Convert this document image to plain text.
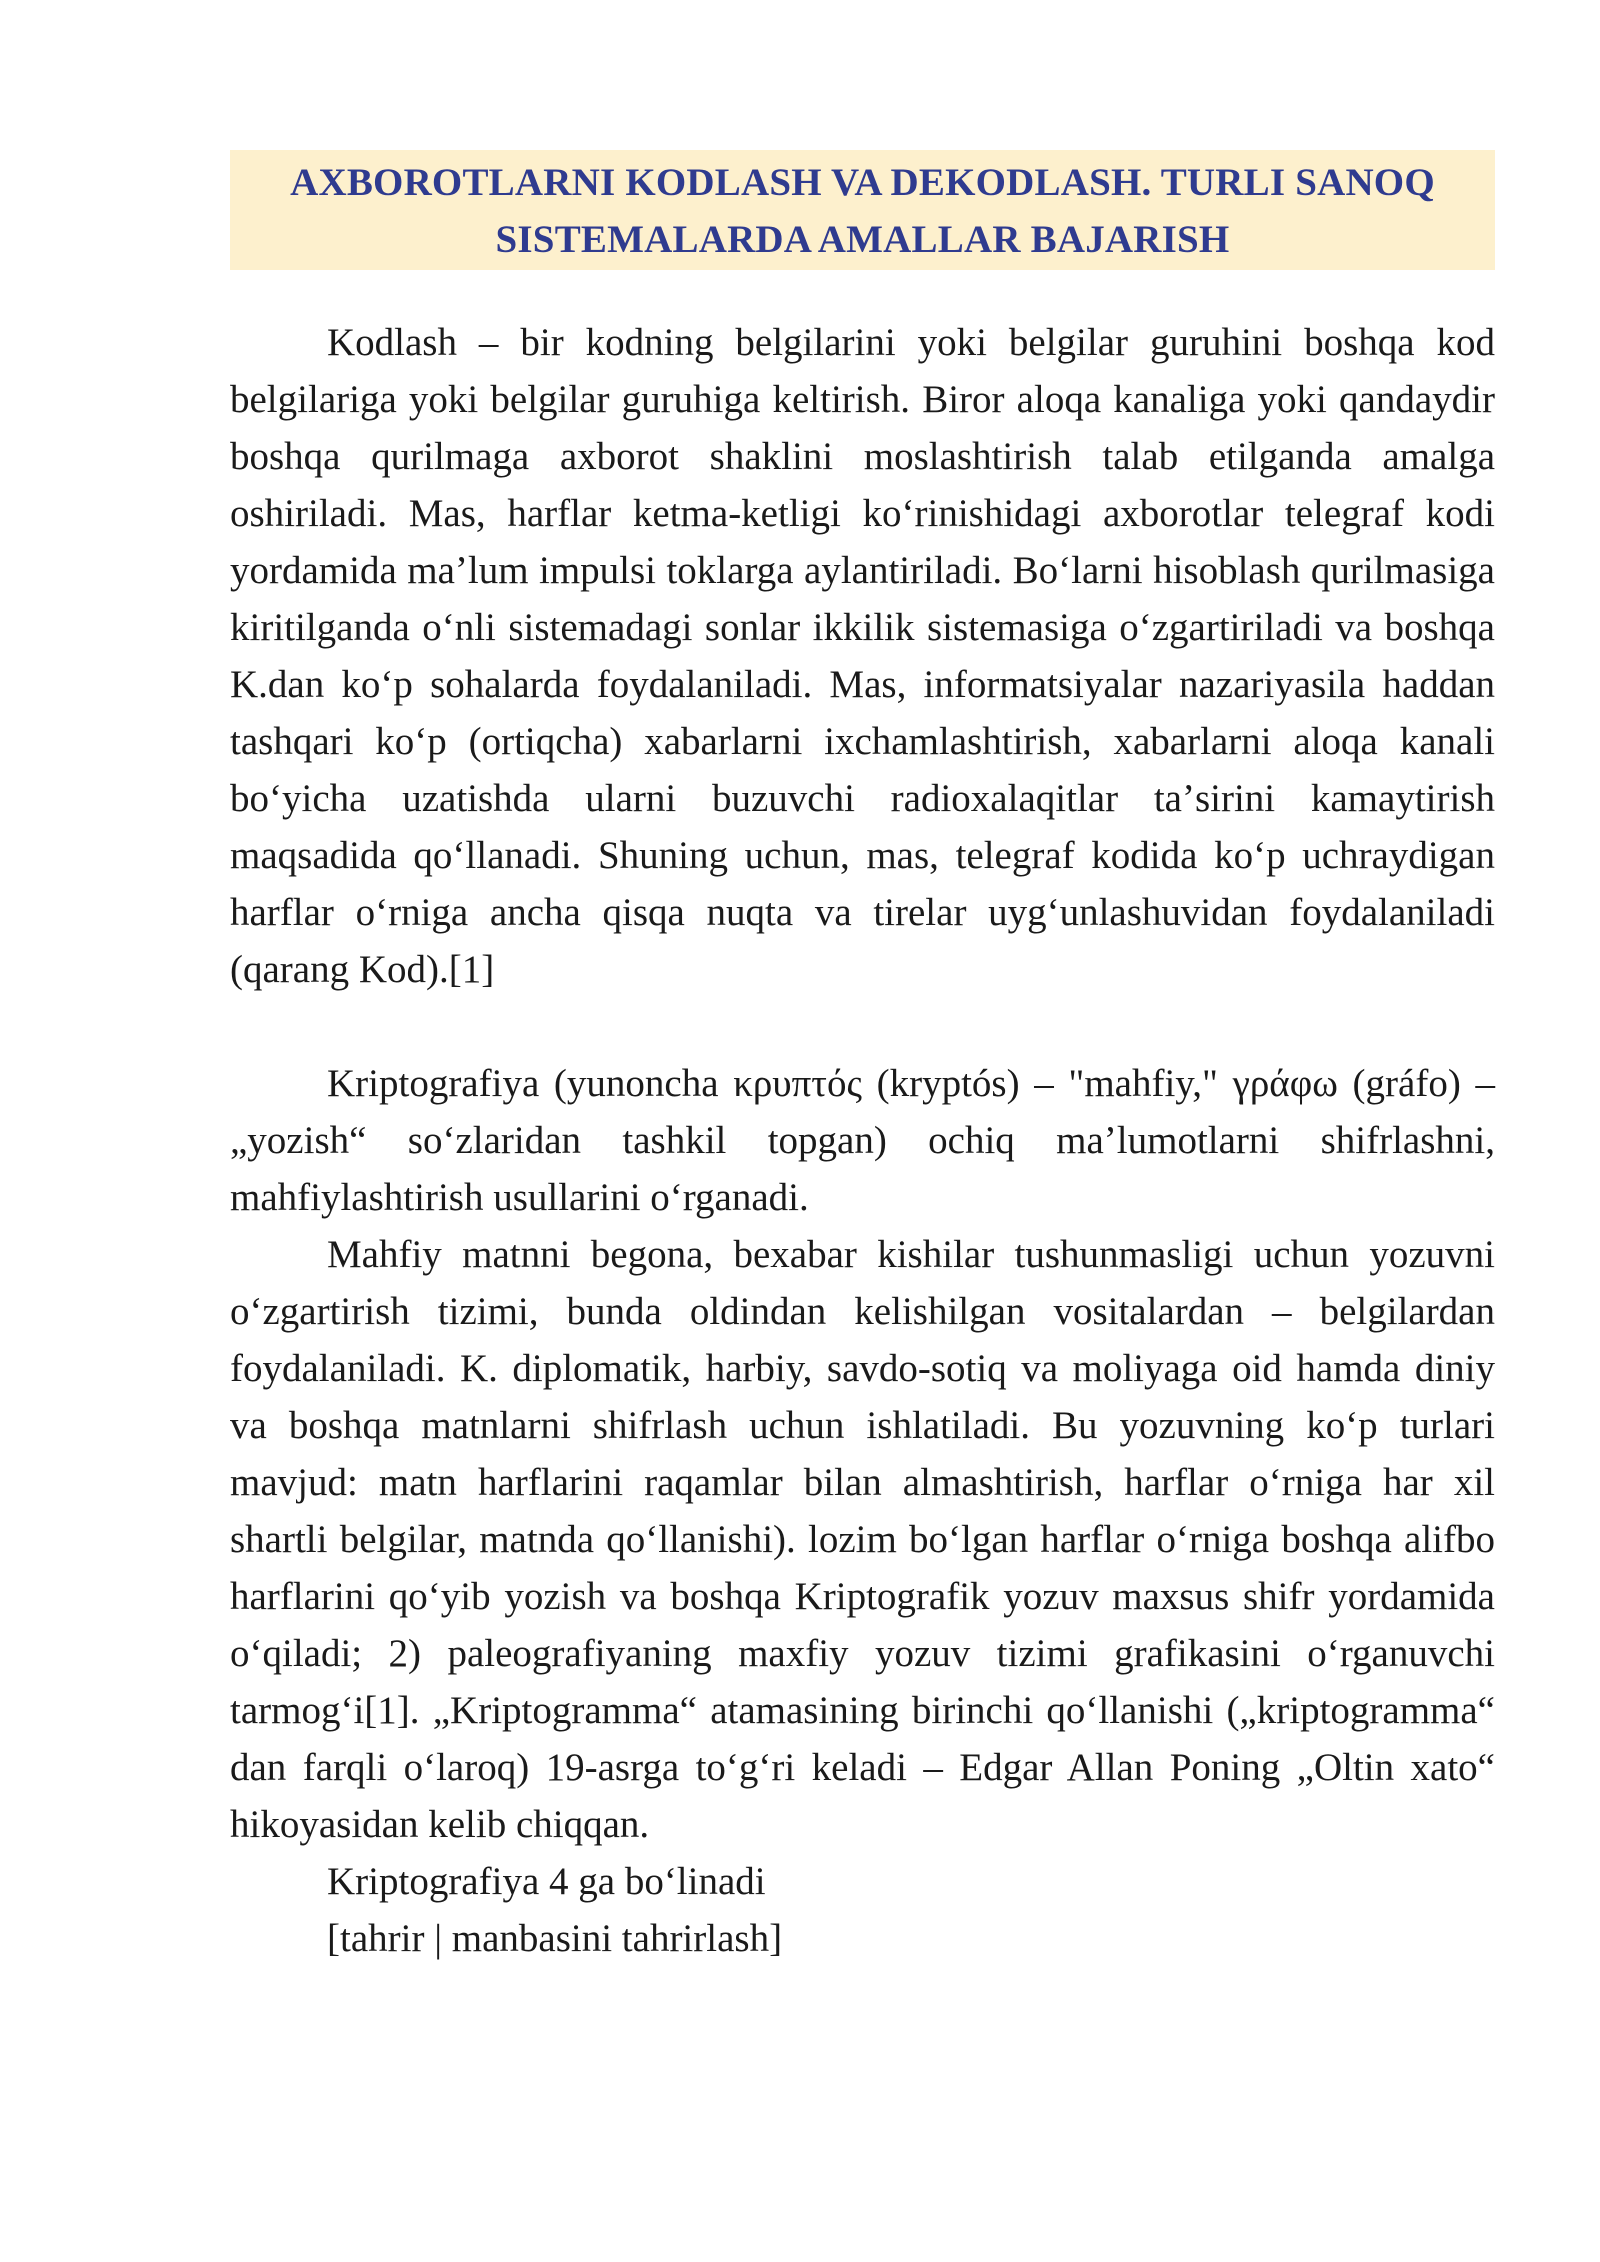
AXBOROTLARNI KODLASH VA DEKODLASH. TURLI SANOQ
SISTEMALARDA AMALLAR BAJARISH

Kodlash – bir kodning belgilarini yoki belgilar guruhini boshqa kod belgilariga yoki belgilar guruhiga keltirish. Biror aloqa kanaliga yoki qandaydir boshqa qurilmaga axborot shaklini moslashtirish talab etilganda amalga oshiriladi. Mas, harflar ketma-ketligi koʻrinishidagi axborotlar telegraf kodi yordamida maʼlum impulsi toklarga aylantiriladi. Boʻlarni hisoblash qurilmasiga kiritilganda oʻnli sistemadagi sonlar ikkilik sistemasiga oʻzgartiriladi va boshqa K.dan koʻp sohalarda foydalaniladi. Mas, informatsiyalar nazariyasila haddan tashqari koʻp (ortiqcha) xabarlarni ixchamlashtirish, xabarlarni aloqa kanali boʻyicha uzatishda ularni buzuvchi radioxalaqitlar taʼsirini kamaytirish maqsadida qoʻllanadi. Shuning uchun, mas, telegraf kodida koʻp uchraydigan harflar oʻrniga ancha qisqa nuqta va tirelar uygʻunlashuvidan foydalaniladi (qarang Kod).[1]

Kriptografiya (yunoncha κρυπτός (kryptós) – "mahfiy," γράφω (gráfo) – „yozish“ soʻzlaridan tashkil topgan) ochiq maʼlumotlarni shifrlashni, mahfiylashtirish usullarini oʻrganadi.

Mahfiy matnni begona, bexabar kishilar tushunmasligi uchun yozuvni oʻzgartirish tizimi, bunda oldindan kelishilgan vositalardan – belgilardan foydalaniladi. K. diplomatik, harbiy, savdo-sotiq va moliyaga oid hamda diniy va boshqa matnlarni shifrlash uchun ishlatiladi. Bu yozuvning koʻp turlari mavjud: matn harflarini raqamlar bilan almashtirish, harflar oʻrniga har xil shartli belgilar, matnda qoʻllanishi). lozim boʻlgan harflar oʻrniga boshqa alifbo harflarini qoʻyib yozish va boshqa Kriptografik yozuv maxsus shifr yordamida oʻqiladi; 2) paleografiyaning maxfiy yozuv tizimi grafikasini oʻrganuvchi tarmogʻi[1]. „Kriptogramma“ atamasining birinchi qoʻllanishi („kriptogramma“ dan farqli oʻlaroq) 19-asrga toʻgʻri keladi – Edgar Allan Poning „Oltin xato“ hikoyasidan kelib chiqqan.

Kriptografiya 4 ga boʻlinadi

[tahrir | manbasini tahrirlash]
